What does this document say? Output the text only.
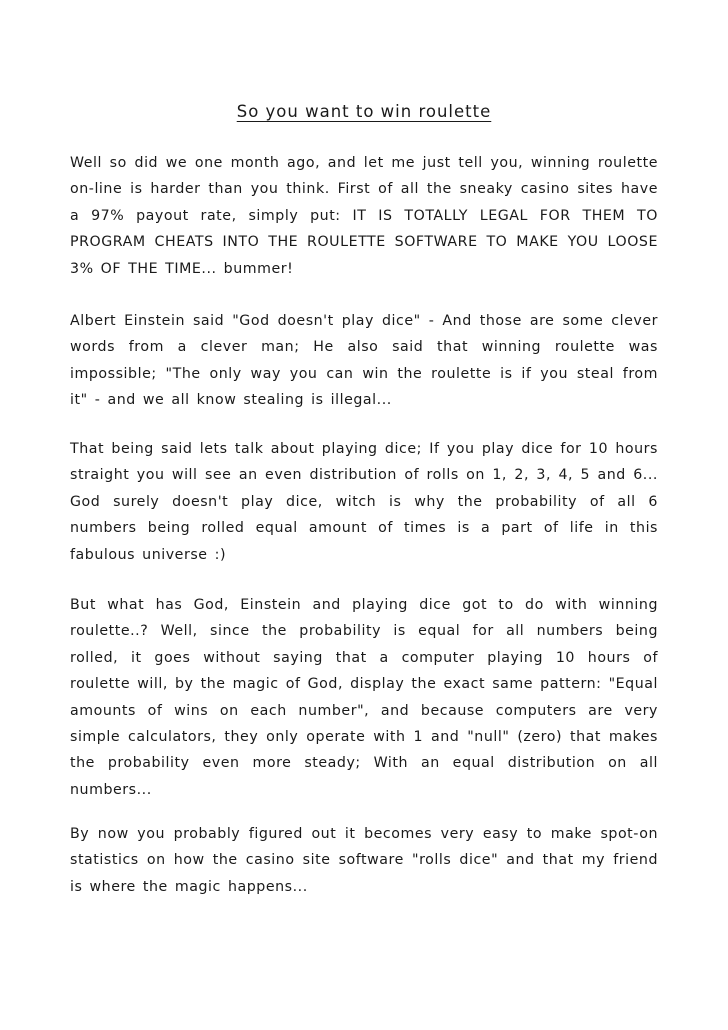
So you want to win roulette

Well so did we one month ago, and let me just tell you, winning roulette on-line is harder than you think. First of all the sneaky casino sites have a 97% payout rate, simply put: IT IS TOTALLY LEGAL FOR THEM TO PROGRAM CHEATS INTO THE ROULETTE SOFTWARE TO MAKE YOU LOOSE 3% OF THE TIME... bummer!

Albert Einstein said "God doesn't play dice" - And those are some clever words from a clever man; He also said that winning roulette was impossible; "The only way you can win the roulette is if you steal from it" - and we all know stealing is illegal...

That being said lets talk about playing dice; If you play dice for 10 hours straight you will see an even distribution of rolls on 1, 2, 3, 4, 5 and 6... God surely doesn't play dice, witch is why the probability of all 6 numbers being rolled equal amount of times is a part of life in this fabulous universe :)

But what has God, Einstein and playing dice got to do with winning roulette..? Well, since the probability is equal for all numbers being rolled, it goes without saying that a computer playing 10 hours of roulette will, by the magic of God, display the exact same pattern: "Equal amounts of wins on each number", and because computers are very simple calculators, they only operate with 1 and "null" (zero) that makes the probability even more steady; With an equal distribution on all numbers...

By now you probably figured out it becomes very easy to make spot-on statistics on how the casino site software "rolls dice" and that my friend is where the magic happens...
